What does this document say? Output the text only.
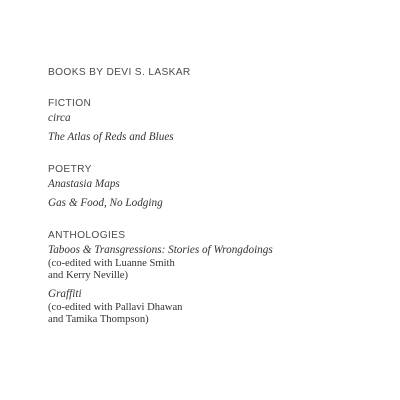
BOOKS BY DEVI S. LASKAR
FICTION
circa
The Atlas of Reds and Blues
POETRY
Anastasia Maps
Gas & Food, No Lodging
ANTHOLOGIES
Taboos & Transgressions: Stories of Wrongdoings
(co-edited with Luanne Smith
and Kerry Neville)
Graffiti
(co-edited with Pallavi Dhawan
and Tamika Thompson)
